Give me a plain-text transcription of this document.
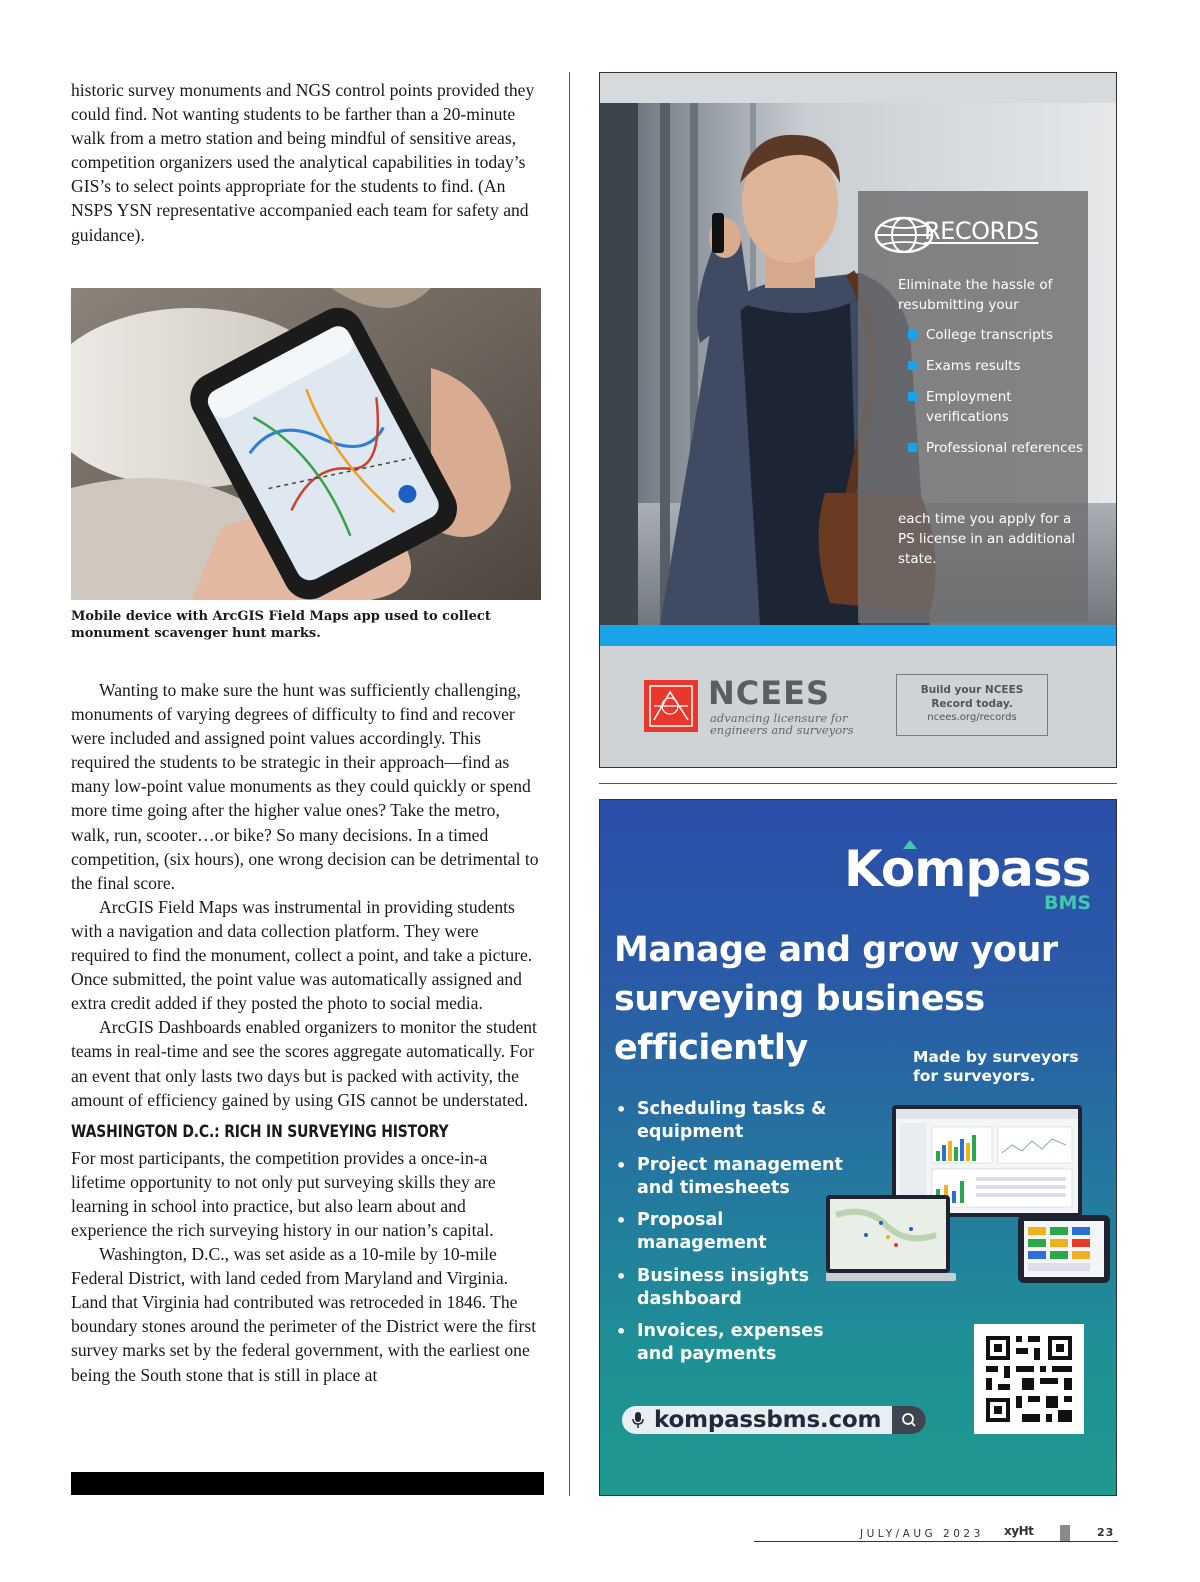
historic survey monuments and NGS control points provided they could find. Not wanting students to be farther than a 20-minute walk from a metro station and being mindful of sensitive areas, competition organizers used the analytical capabilities in today’s GIS’s to select points appropriate for the students to find. (An NSPS YSN representative accompanied each team for safety and guidance).

Mobile device with ArcGIS Field Maps app used to collect monument scavenger hunt marks.

Wanting to make sure the hunt was sufficiently challenging, monuments of varying degrees of difficulty to find and recover were included and assigned point values accordingly. This required the students to be strategic in their approach—find as many low-point value monuments as they could quickly or spend more time going after the higher value ones? Take the metro, walk, run, scooter…or bike? So many decisions. In a timed competition, (six hours), one wrong decision can be detrimental to the final score.

ArcGIS Field Maps was instrumental in providing students with a navigation and data collection platform. They were required to find the monument, collect a point, and take a picture. Once submitted, the point value was automatically assigned and extra credit added if they posted the photo to social media.

ArcGIS Dashboards enabled organizers to monitor the student teams in real-time and see the scores aggregate automatically. For an event that only lasts two days but is packed with activity, the amount of efficiency gained by using GIS cannot be understated.

WASHINGTON D.C.: RICH IN SURVEYING HISTORY

For most participants, the competition provides a once-in-a lifetime opportunity to not only put surveying skills they are learning in school into practice, but also learn about and experience the rich surveying history in our nation’s capital.

Washington, D.C., was set aside as a 10-mile by 10-mile Federal District, with land ceded from Maryland and Virginia. Land that Virginia had contributed was retroceded in 1846. The boundary stones around the perimeter of the District were the first survey marks set by the federal government, with the earliest one being the South stone that is still in place at

RECORDS
Eliminate the hassle of resubmitting your
College transcripts
Exams results
Employment verifications
Professional references
each time you apply for a PS license in an additional state.
NCEES
advancing licensure for
engineers and surveyors
Build your NCEES
Record today.
ncees.org/records
Kompass
BMS
Manage and grow your surveying business efficiently	Made by surveyors
for surveyors.
• Scheduling tasks & equipment
• Project management and timesheets
• Proposal management
• Business insights dashboard
• Invoices, expenses and payments
kompassbms.com
JULY/AUG 2023 xyHt	23
